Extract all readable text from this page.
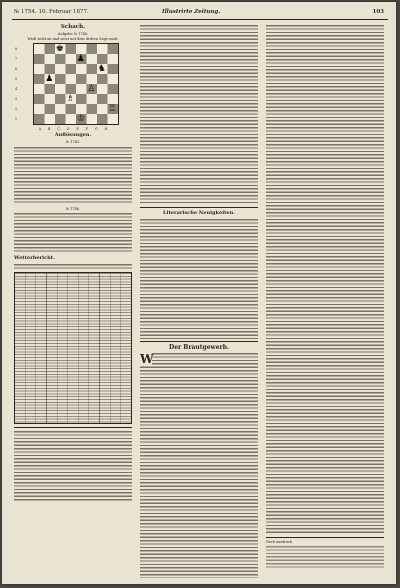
№ 1754. 10. Februar 1877.	Illustrirte Zeitung.	103
Schach.
Aufgabe № 1748.
Weiß zieht an und setzt mit dem dritten Zuge matt.
8
7
6
5
4
3
2
1
♚
♟
♞
♟
♙
♗
♖
♔
A B C D E F G H
Auflösungen.
№ 1745.
№ 1746.
Wetterbericht.
Literarische Neuigkeiten.
Der Brautgewerb.
W
Nach Ausdruck
